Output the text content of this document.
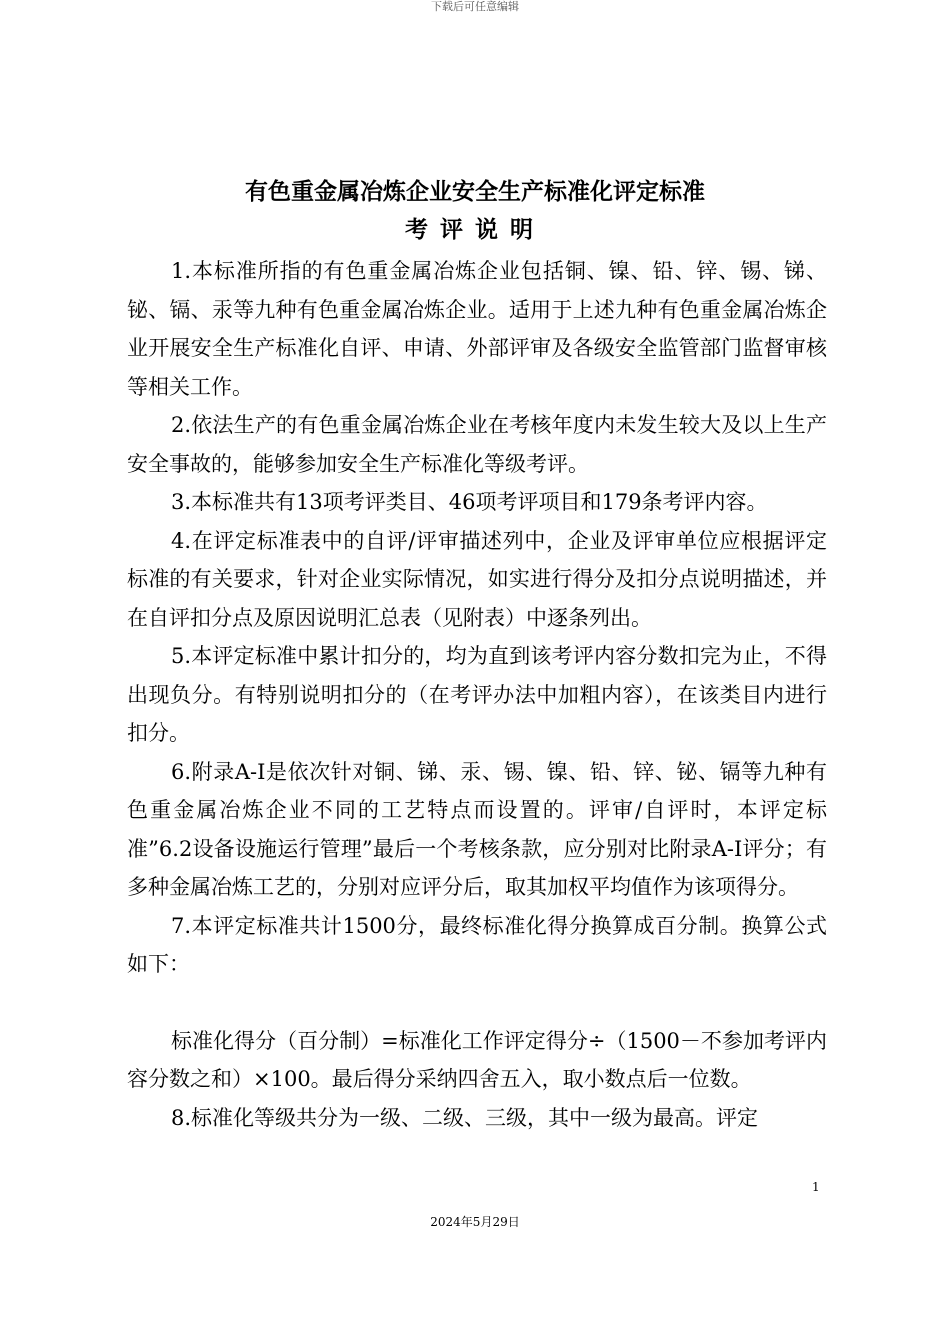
下载后可任意编辑
有色重金属冶炼企业安全生产标准化评定标准
考评说明

1.本标准所指的有色重金属冶炼企业包括铜、镍、铅、锌、锡、锑、铋、镉、汞等九种有色重金属冶炼企业。适用于上述九种有色重金属冶炼企业开展安全生产标准化自评、申请、外部评审及各级安全监管部门监督审核等相关工作。

2.依法生产的有色重金属冶炼企业在考核年度内未发生较大及以上生产安全事故的，能够参加安全生产标准化等级考评。

3.本标准共有13项考评类目、46项考评项目和179条考评内容。

4.在评定标准表中的自评/评审描述列中，企业及评审单位应根据评定标准的有关要求，针对企业实际情况，如实进行得分及扣分点说明描述，并在自评扣分点及原因说明汇总表（见附表）中逐条列出。

5.本评定标准中累计扣分的，均为直到该考评内容分数扣完为止，不得出现负分。有特别说明扣分的（在考评办法中加粗内容），在该类目内进行扣分。

6.附录A-I是依次针对铜、锑、汞、锡、镍、铅、锌、铋、镉等九种有色重金属冶炼企业不同的工艺特点而设置的。评审/自评时，本评定标准”6.2设备设施运行管理”最后一个考核条款，应分别对比附录A-I评分；有多种金属冶炼工艺的，分别对应评分后，取其加权平均值作为该项得分。

7.本评定标准共计1500分，最终标准化得分换算成百分制。换算公式如下：

标准化得分（百分制）=标准化工作评定得分÷（1500－不参加考评内容分数之和）×100。最后得分采纳四舍五入，取小数点后一位数。

8.标准化等级共分为一级、二级、三级，其中一级为最高。评定

1
2024年5月29日
